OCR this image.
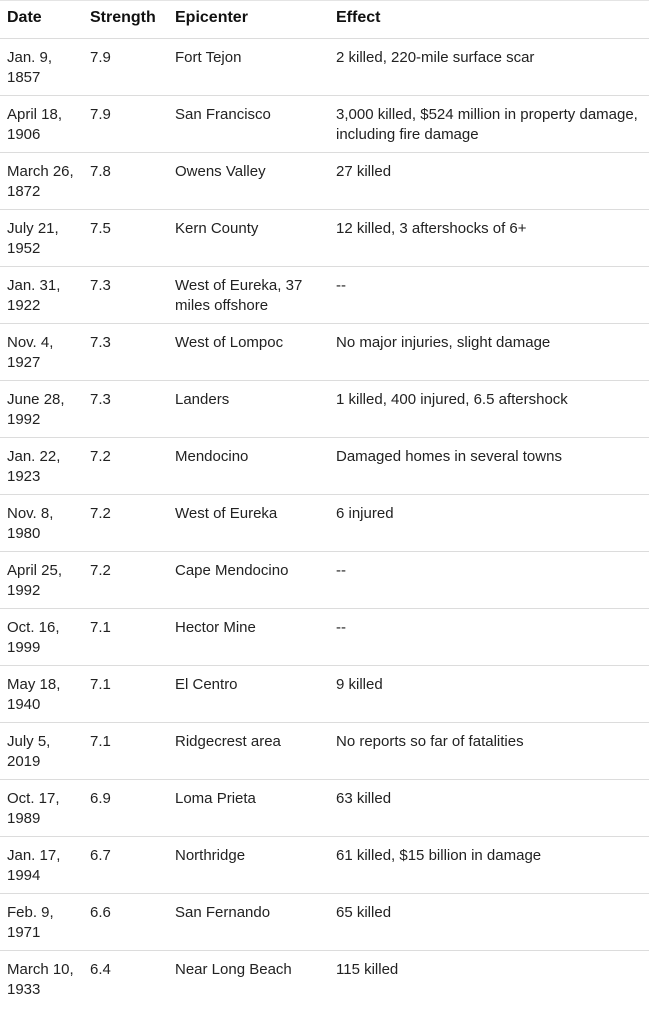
Date	Strength	Epicenter	Effect
Jan. 9, 1857	7.9	Fort Tejon	2 killed, 220-mile surface scar
April 18, 1906	7.9	San Francisco	3,000 killed, $524 million in property damage, including fire damage
March 26, 1872	7.8	Owens Valley	27 killed
July 21, 1952	7.5	Kern County	12 killed, 3 aftershocks of 6+
Jan. 31, 1922	7.3	West of Eureka, 37 miles offshore	--
Nov. 4, 1927	7.3	West of Lompoc	No major injuries, slight damage
June 28, 1992	7.3	Landers	1 killed, 400 injured, 6.5 aftershock
Jan. 22, 1923	7.2	Mendocino	Damaged homes in several towns
Nov. 8, 1980	7.2	West of Eureka	6 injured
April 25, 1992	7.2	Cape Mendocino	--
Oct. 16, 1999	7.1	Hector Mine	--
May 18, 1940	7.1	El Centro	9 killed
July 5, 2019	7.1	Ridgecrest area	No reports so far of fatalities
Oct. 17, 1989	6.9	Loma Prieta	63 killed
Jan. 17, 1994	6.7	Northridge	61 killed, $15 billion in damage
Feb. 9, 1971	6.6	San Fernando	65 killed
March 10, 1933	6.4	Near Long Beach	115 killed
